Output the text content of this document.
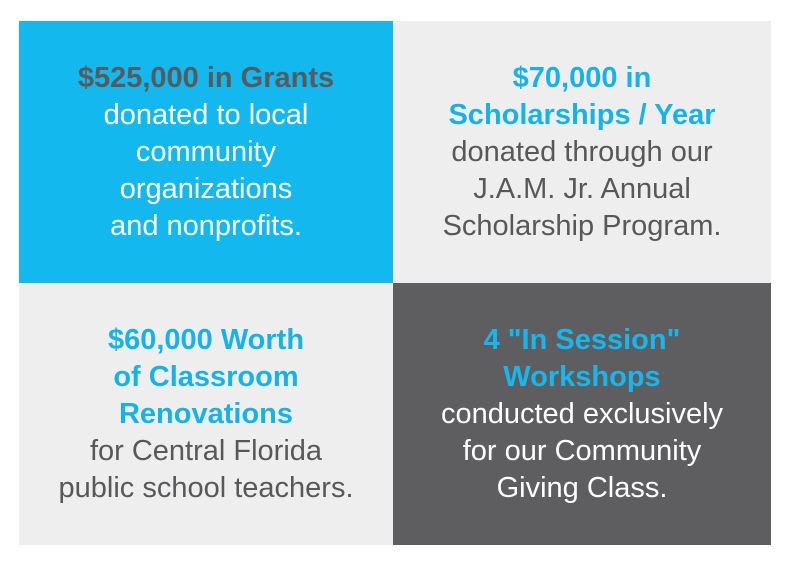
$525,000 in Grants
donated to local
community
organizations
and nonprofits.
$70,000 in
Scholarships / Year
donated through our
J.A.M. Jr. Annual
Scholarship Program.
$60,000 Worth
of Classroom
Renovations
for Central Florida
public school teachers.
4 "In Session"
Workshops
conducted exclusively
for our Community
Giving Class.
